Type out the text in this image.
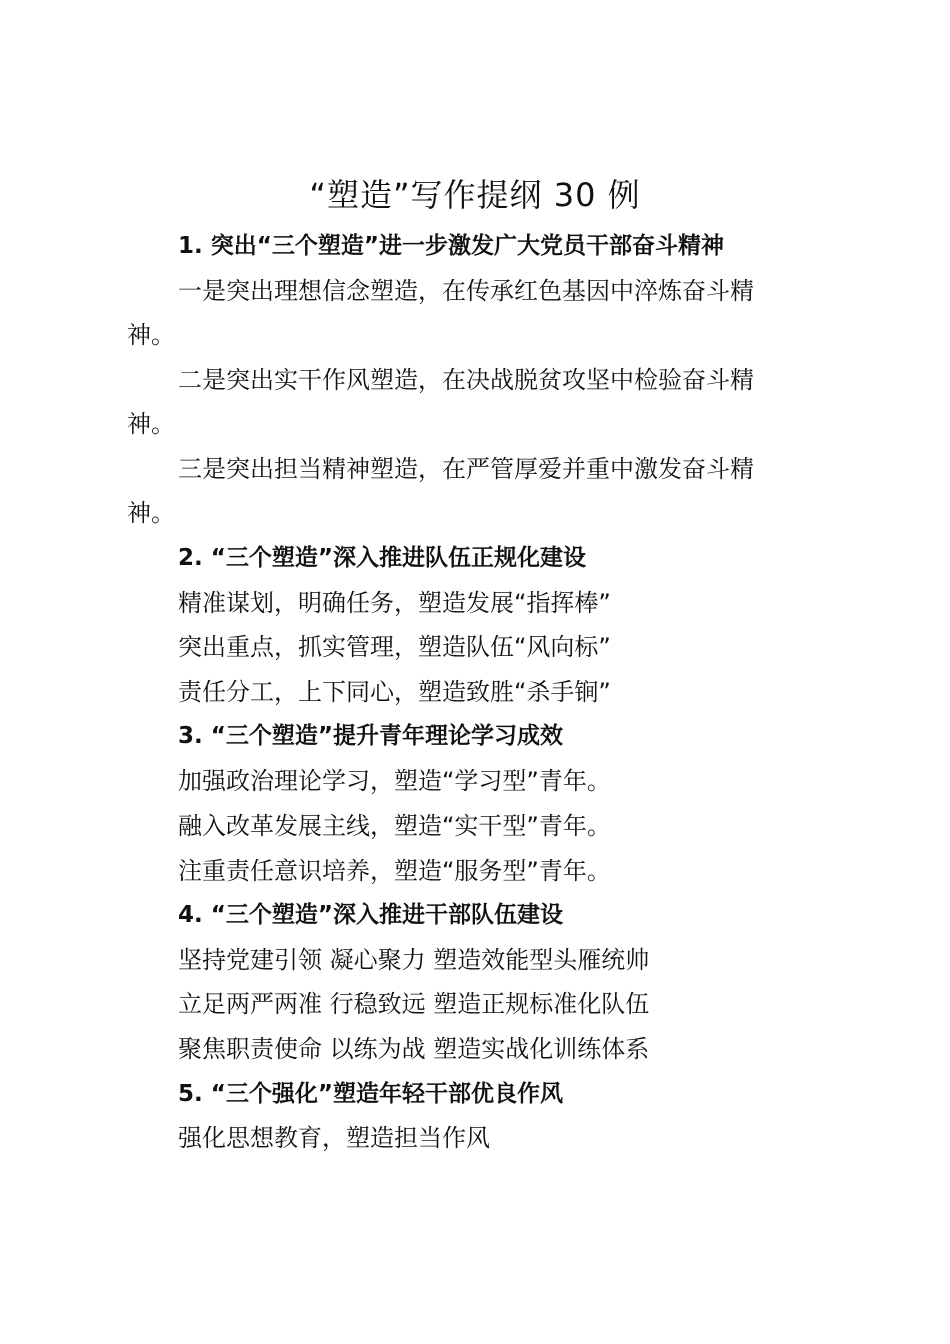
“塑造”写作提纲 30 例
1. 突出“三个塑造”进一步激发广大党员干部奋斗精神
一是突出理想信念塑造，在传承红色基因中淬炼奋斗精
神。
二是突出实干作风塑造，在决战脱贫攻坚中检验奋斗精
神。
三是突出担当精神塑造，在严管厚爱并重中激发奋斗精
神。
2. “三个塑造”深入推进队伍正规化建设
精准谋划，明确任务，塑造发展“指挥棒”
突出重点，抓实管理，塑造队伍“风向标”
责任分工，上下同心，塑造致胜“杀手锏”
3. “三个塑造”提升青年理论学习成效
加强政治理论学习，塑造“学习型”青年。
融入改革发展主线，塑造“实干型”青年。
注重责任意识培养，塑造“服务型”青年。
4. “三个塑造”深入推进干部队伍建设
坚持党建引领 凝心聚力 塑造效能型头雁统帅
立足两严两准 行稳致远 塑造正规标准化队伍
聚焦职责使命 以练为战 塑造实战化训练体系
5. “三个强化”塑造年轻干部优良作风
强化思想教育，塑造担当作风
